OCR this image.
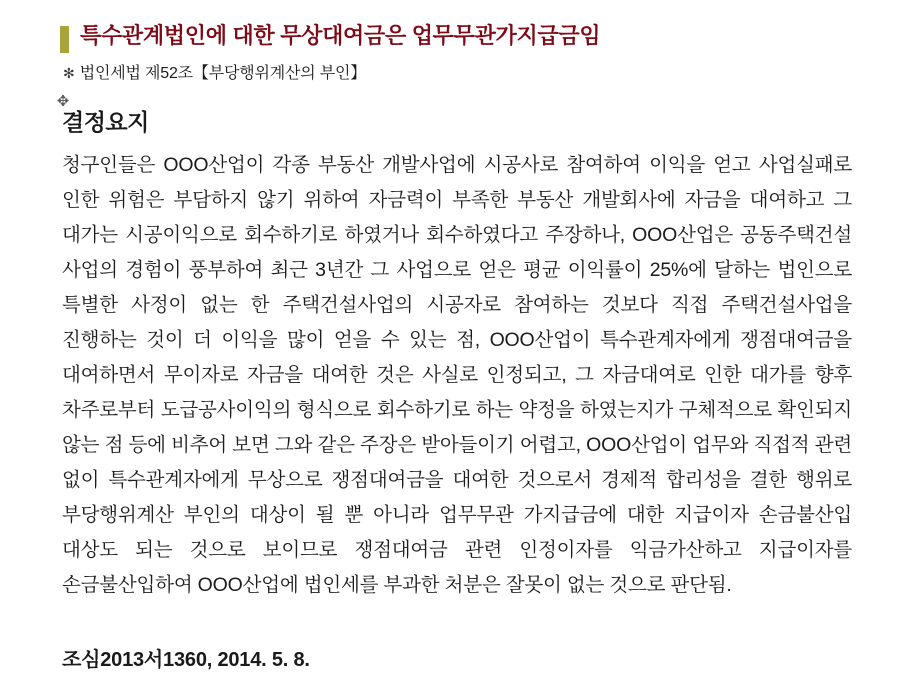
특수관계법인에 대한 무상대여금은 업무무관가지급금임
✻ 법인세법 제52조【부당행위계산의 부인】
✥
결정요지
청구인들은 OOO산업이 각종 부동산 개발사업에 시공사로 참여하여 이익을 얻고 사업실패로 인한 위험은 부담하지 않기 위하여 자금력이 부족한 부동산 개발회사에 자금을 대여하고 그 대가는 시공이익으로 회수하기로 하였거나 회수하였다고 주장하나, OOO산업은 공동주택건설 사업의 경험이 풍부하여 최근 3년간 그 사업으로 얻은 평균 이익률이 25%에 달하는 법인으로 특별한 사정이 없는 한 주택건설사업의 시공자로 참여하는 것보다 직접 주택건설사업을 진행하는 것이 더 이익을 많이 얻을 수 있는 점, OOO산업이 특수관계자에게 쟁점대여금을 대여하면서 무이자로 자금을 대여한 것은 사실로 인정되고, 그 자금대여로 인한 대가를 향후 차주로부터 도급공사이익의 형식으로 회수하기로 하는 약정을 하였는지가 구체적으로 확인되지 않는 점 등에 비추어 보면 그와 같은 주장은 받아들이기 어렵고, OOO산업이 업무와 직접적 관련 없이 특수관계자에게 무상으로 쟁점대여금을 대여한 것으로서 경제적 합리성을 결한 행위로 부당행위계산 부인의 대상이 될 뿐 아니라 업무무관 가지급금에 대한 지급이자 손금불산입 대상도 되는 것으로 보이므로 쟁점대여금 관련 인정이자를 익금가산하고 지급이자를 손금불산입하여 OOO산업에 법인세를 부과한 처분은 잘못이 없는 것으로 판단됨.
조심2013서1360, 2014. 5. 8.
